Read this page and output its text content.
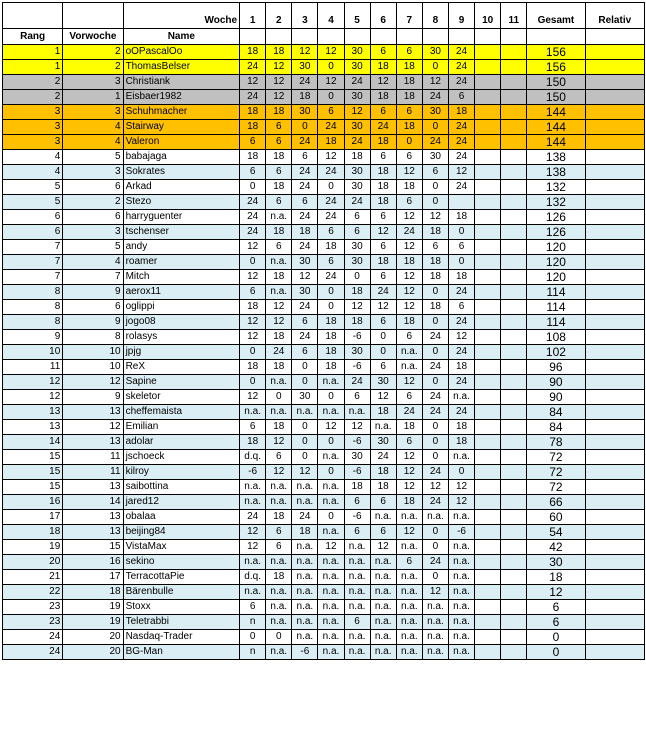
		Woche	1	2	3	4	5	6	7	8	9	10	11	Gesamt	Relativ
Rang	Vorwoche	Name													
1	2	oOPascalOo	18	18	12	12	30	6	6	30	24			156	
1	2	ThomasBelser	24	12	30	0	30	18	18	0	24			156	
2	3	Christiank	12	12	24	12	24	12	18	12	24			150	
2	1	Eisbaer1982	24	12	18	0	30	18	18	24	6			150	
3	3	Schuhmacher	18	18	30	6	12	6	6	30	18			144	
3	4	Stairway	18	6	0	24	30	24	18	0	24			144	
3	4	Valeron	6	6	24	18	24	18	0	24	24			144	
4	5	babajaga	18	18	6	12	18	6	6	30	24			138	
4	3	Sokrates	6	6	24	24	30	18	12	6	12			138	
5	6	Arkad	0	18	24	0	30	18	18	0	24			132	
5	2	Stezo	24	6	6	24	24	18	6	0				132	
6	6	harryguenter	24	n.a.	24	24	6	6	12	12	18			126	
6	3	tschenser	24	18	18	6	6	12	24	18	0			126	
7	5	andy	12	6	24	18	30	6	12	6	6			120	
7	4	roamer	0	n.a.	30	6	30	18	18	18	0			120	
7	7	Mitch	12	18	12	24	0	6	12	18	18			120	
8	9	aerox11	6	n.a.	30	0	18	24	12	0	24			114	
8	6	oglippi	18	12	24	0	12	12	12	18	6			114	
8	9	jogo08	12	12	6	18	18	6	18	0	24			114	
9	8	rolasys	12	18	24	18	-6	0	6	24	12			108	
10	10	jpjg	0	24	6	18	30	0	n.a.	0	24			102	
11	10	ReX	18	18	0	18	-6	6	n.a.	24	18			96	
12	12	Sapine	0	n.a.	0	n.a.	24	30	12	0	24			90	
12	9	skeletor	12	0	30	0	6	12	6	24	n.a.			90	
13	13	cheffemaista	n.a.	n.a.	n.a.	n.a.	n.a.	18	24	24	24			84	
13	12	Emilian	6	18	0	12	12	n.a.	18	0	18			84	
14	13	adolar	18	12	0	0	-6	30	6	0	18			78	
15	11	jschoeck	d.q.	6	0	n.a.	30	24	12	0	n.a.			72	
15	11	kilroy	-6	12	12	0	-6	18	12	24	0			72	
15	13	saibottina	n.a.	n.a.	n.a.	n.a.	18	18	12	12	12			72	
16	14	jared12	n.a.	n.a.	n.a.	n.a.	6	6	18	24	12			66	
17	13	obalaa	24	18	24	0	-6	n.a.	n.a.	n.a.	n.a.			60	
18	13	beijing84	12	6	18	n.a.	6	6	12	0	-6			54	
19	15	VistaMax	12	6	n.a.	12	n.a.	12	n.a.	0	n.a.			42	
20	16	sekino	n.a.	n.a.	n.a.	n.a.	n.a.	n.a.	6	24	n.a.			30	
21	17	TerracottaPie	d.q.	18	n.a.	n.a.	n.a.	n.a.	n.a.	0	n.a.			18	
22	18	Bärenbulle	n.a.	n.a.	n.a.	n.a.	n.a.	n.a.	n.a.	12	n.a.			12	
23	19	Stoxx	6	n.a.	n.a.	n.a.	n.a.	n.a.	n.a.	n.a.	n.a.			6	
23	19	Teletrabbi	n	n.a.	n.a.	n.a.	6	n.a.	n.a.	n.a.	n.a.			6	
24	20	Nasdaq-Trader	0	0	n.a.	n.a.	n.a.	n.a.	n.a.	n.a.	n.a.			0	
24	20	BG-Man	n	n.a.	-6	n.a.	n.a.	n.a.	n.a.	n.a.	n.a.			0	
